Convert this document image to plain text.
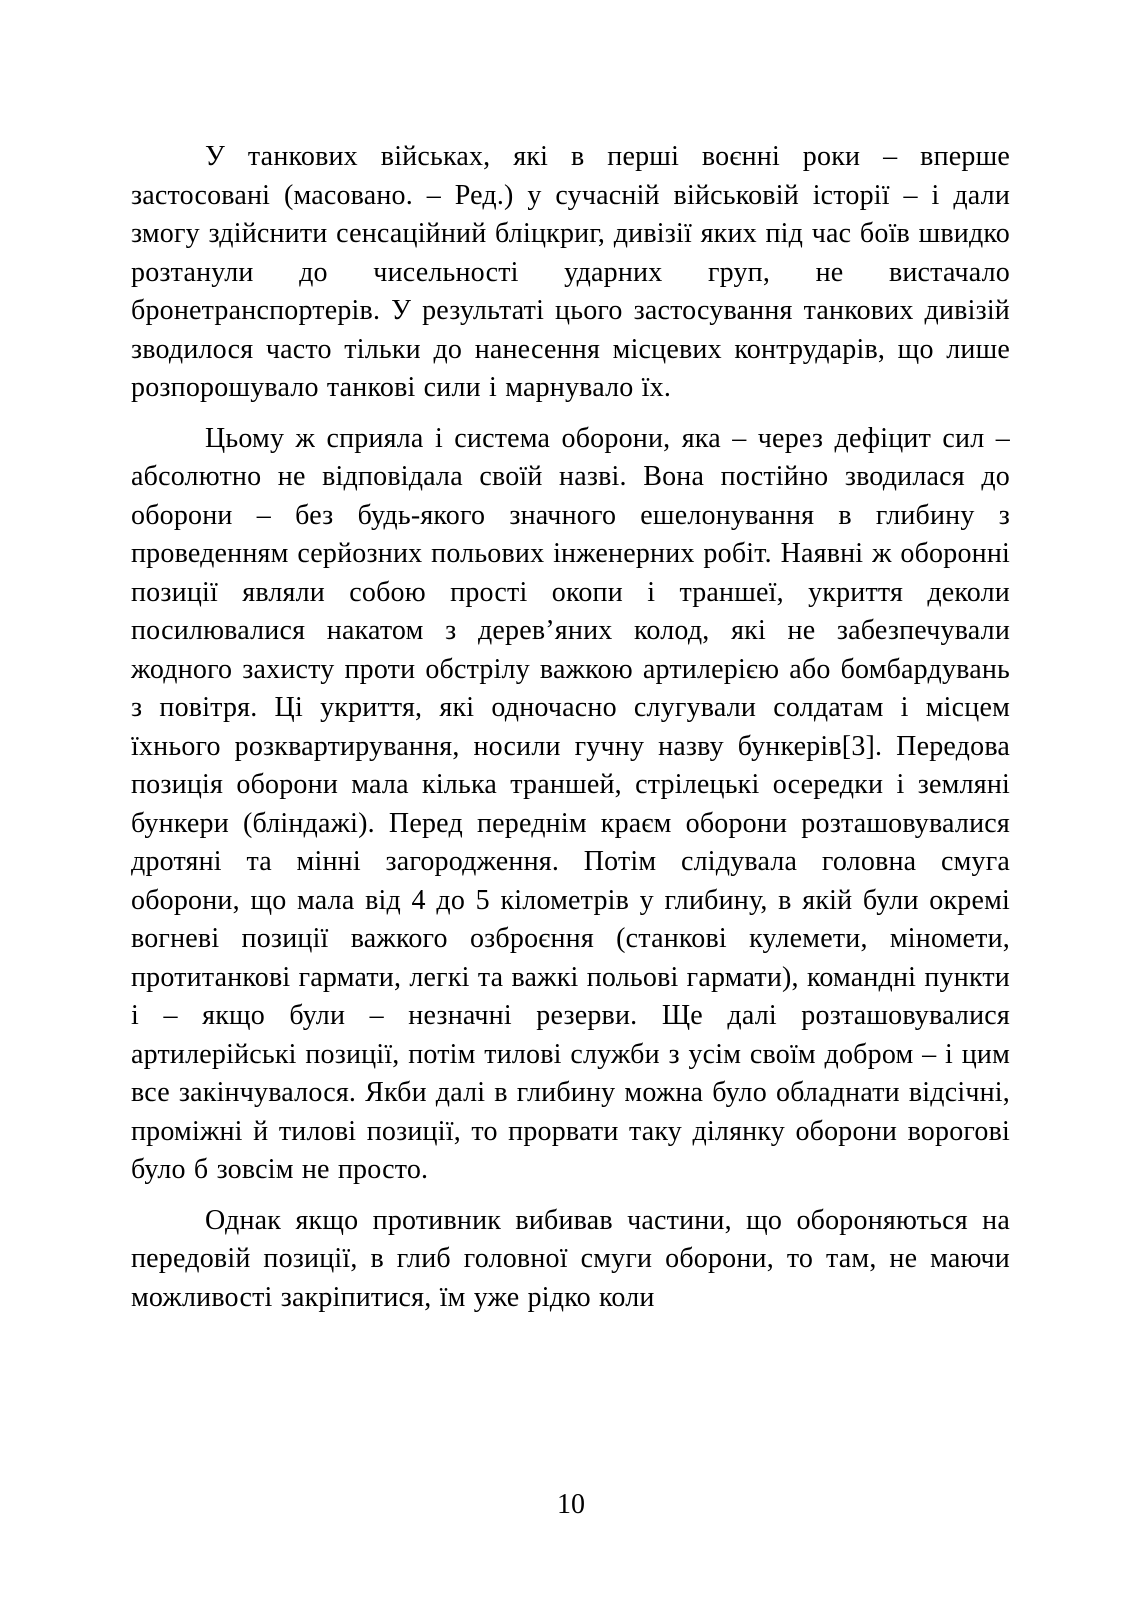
У танкових військах, які в перші воєнні роки – вперше застосовані (масовано. – Ред.) у сучасній військовій історії – і дали змогу здійснити сенсаційний бліцкриг, дивізії яких під час боїв швидко розтанули до чисельності ударних груп, не вистачало бронетранспортерів. У результаті цього застосування танкових дивізій зводилося часто тільки до нанесення місцевих контрударів, що лише розпорошувало танкові сили і марнувало їх.

Цьому ж сприяла і система оборони, яка – через дефіцит сил – абсолютно не відповідала своїй назві. Вона постійно зводилася до оборони – без будь-якого значного ешелонування в глибину з проведенням серйозних польових інженерних робіт. Наявні ж оборонні позиції являли собою прості окопи і траншеї, укриття деколи посилювалися накатом з дерев’яних колод, які не забезпечували жодного захисту проти обстрілу важкою артилерією або бомбардувань з повітря. Ці укриття, які одночасно слугували солдатам і місцем їхнього розквартирування, носили гучну назву бункерів[3]. Передова позиція оборони мала кілька траншей, стрілецькі осередки і земляні бункери (бліндажі). Перед переднім краєм оборони розташовувалися дротяні та мінні загородження. Потім слідувала головна смуга оборони, що мала від 4 до 5 кілометрів у глибину, в якій були окремі вогневі позиції важкого озброєння (станкові кулемети, міномети, протитанкові гармати, легкі та важкі польові гармати), командні пункти і – якщо були – незначні резерви. Ще далі розташовувалися артилерійські позиції, потім тилові служби з усім своїм добром – і цим все закінчувалося. Якби далі в глибину можна було обладнати відсічні, проміжні й тилові позиції, то прорвати таку ділянку оборони ворогові було б зовсім не просто.

Однак якщо противник вибивав частини, що обороняються на передовій позиції, в глиб головної смуги оборони, то там, не маючи можливості закріпитися, їм уже рідко коли

10
